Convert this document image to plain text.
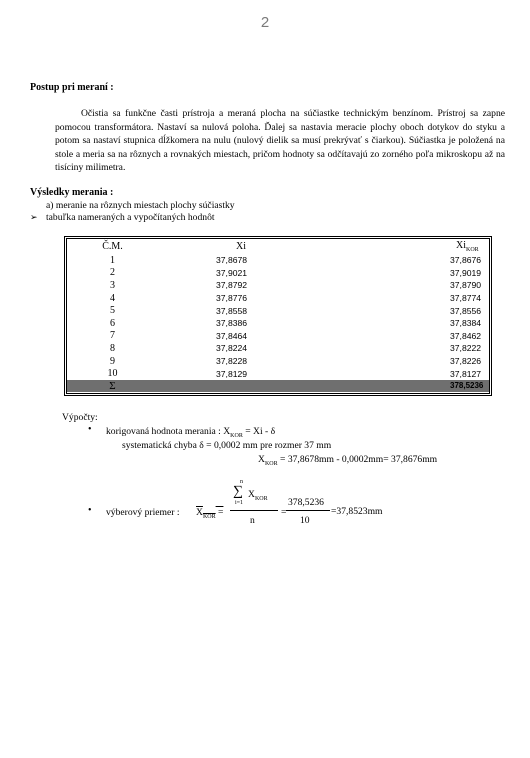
2
Postup pri meraní :

Očistia sa funkčne časti prístroja a meraná plocha na súčiastke technickým benzínom. Prístroj sa zapne pomocou transformátora. Nastaví sa nulová poloha. Ďalej sa nastavia meracie plochy oboch dotykov do styku a potom sa nastaví stupnica dĺžkomera na nulu (nulový dielik sa musí prekrývať s čiarkou). Súčiastka je položená na stole a meria sa na rôznych a rovnakých miestach, pričom hodnoty sa odčítavajú zo zorného poľa mikroskopu až na tisíciny milimetra.

Výsledky merania :
a) meranie na rôznych miestach plochy súčiastky
➢ tabuľka nameraných a vypočítaných hodnôt
Č.M.	Xi	$Xi_{KOR}$
1	37,8678	37,8676
2	37,9021	37,9019
3	37,8792	37,8790
4	37,8776	37,8774
5	37,8558	37,8556
6	37,8386	37,8384
7	37,8464	37,8462
8	37,8224	37,8222
9	37,8228	37,8226
10	37,8129	37,8127
Σ		378,5236
Výpočty:
• korigovaná hodnota merania : $X_{KOR} = Xi - \delta$
systematická chyba δ = 0,0002 mm pre rozmer 37 mm
$X_{KOR} = 37,8678mm - 0,0002mm= 37,8676mm$
• výberový priemer : $X_{KOR}$ =
n
∑
i=1
$X_{KOR}$
n
=
378,5236
10
=37,8523mm
